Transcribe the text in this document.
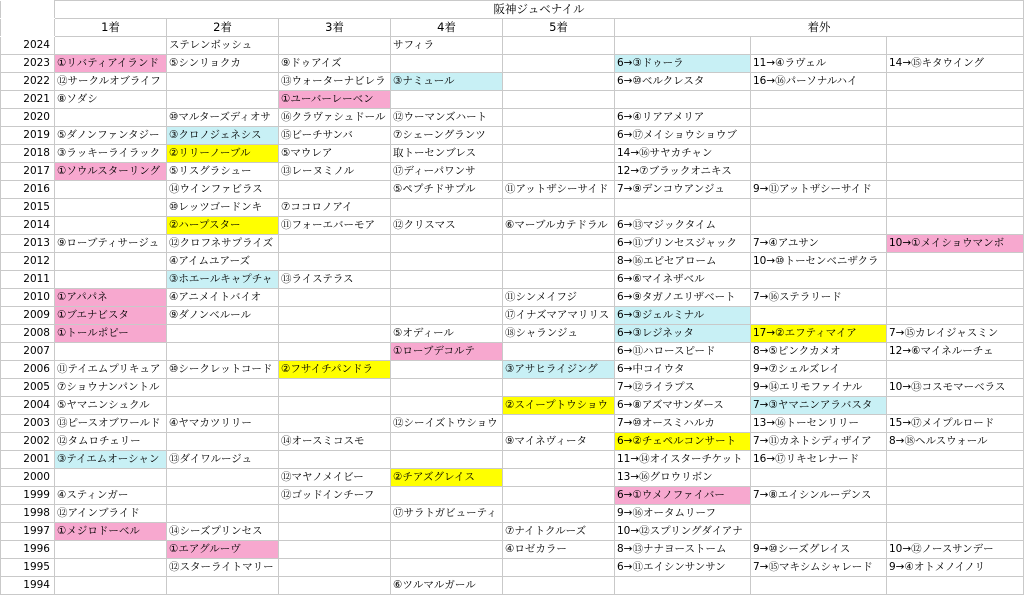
	阪神ジュベナイル							
	1着	2着	3着	4着	5着	着外		
2024		ステレンボッシュ		サフィラ				
2023	①リバティアイランド	⑤シンリョクカ	⑨ドゥアイズ			6→③ドゥーラ	11→④ラヴェル	14→⑮キタウイング
2022	⑫サークルオブライフ		⑬ウォーターナビレラ	③ナミュール		6→⑩ベルクレスタ	16→⑯パーソナルハイ	
2021	⑧ソダシ		①ユーバーレーベン					
2020		⑩マルターズディオサ	⑯クラヴァシュドール	⑫ウーマンズハート		6→④リアアメリア		
2019	⑤ダノンファンタジー	③クロノジェネシス	⑮ビーチサンバ	⑦シェーングランツ		6→⑰メイショウショウブ		
2018	③ラッキーライラック	②リリーノーブル	⑤マウレア	取トーセンブレス		14→⑯サヤカチャン		
2017	①ソウルスターリング	⑤リスグラシュー	⑬レーヌミノル	⑰ディーパワンサ		12→⑦ブラックオニキス		
2016		⑭ウインファビラス		⑤ペプチドサプル	⑪アットザシーサイド	7→⑨デンコウアンジュ	9→⑪アットザシーサイド	
2015		⑩レッツゴードンキ	⑦ココロノアイ					
2014		②ハープスター	⑪フォーエバーモア	⑫クリスマス	⑥マーブルカテドラル	6→⑬マジックタイム		
2013	⑨ローブティサージュ	⑫クロフネサプライズ				6→⑪プリンセスジャック	7→④アユサン	10→①メイショウマンボ
2012		④アイムユアーズ				8→⑯エピセアローム	10→⑩トーセンベニザクラ	
2011		③ホエールキャプチャ	⑬ライステラス			6→⑥マイネザベル		
2010	①アパパネ	④アニメイトバイオ			⑪シンメイフジ	6→⑨タガノエリザベート	7→⑯ステラリード	
2009	①ブエナビスタ	⑨ダノンベルール			⑰イナズマアマリリス	6→③ジェルミナル		
2008	①トールポピー			⑤オディール	⑱シャランジュ	6→③レジネッタ	17→②エフティマイア	7→⑮カレイジャスミン
2007				①ローブデコルテ		6→⑪ハロースピード	8→⑤ピンクカメオ	12→⑥マイネルーチェ
2006	⑪テイエムプリキュア	⑩シークレットコード	②フサイチパンドラ		③アサヒライジング	6→中コイウタ	9→⑦シェルズレイ	
2005	⑦ショウナンパントル					7→⑫ライラプス	9→⑭エリモファイナル	10→⑬コスモマーベラス
2004	⑤ヤマニンシュクル				②スイープトウショウ	6→⑧アズマサンダース	7→③ヤマニンアラバスタ	
2003	⑬ピースオブワールド	④ヤマカツリリー		⑫シーイズトウショウ		7→⑩オースミハルカ	13→⑯トーセンリリー	15→⑰メイプルロード
2002	⑫タムロチェリー		⑭オースミコスモ		⑨マイネヴィータ	6→②チェペルコンサート	7→⑪カネトシディザイア	8→⑱ヘルスウォール
2001	③テイエムオーシャン	⑬ダイワルージュ				11→⑭オイスターチケット	16→⑰リキセレナード	
2000			⑫マヤノメイビー	②チアズグレイス		13→⑯グロウリボン		
1999	④スティンガー		⑫ゴッドインチーフ			6→①ウメノファイバー	7→⑧エイシンルーデンス	
1998	⑫アインブライド			⑰サラトガビューティ		9→⑯オータムリーフ		
1997	①メジロドーベル	⑭シーズプリンセス			⑦ナイトクルーズ	10→⑫スプリングダイアナ		
1996		①エアグルーヴ			④ロゼカラー	8→⑬ナナヨーストーム	9→⑩シーズグレイス	10→⑫ノースサンデー
1995		⑫スターライトマリー				6→⑪エイシンサンサン	7→⑮マキシムシャレード	9→④オトメノイノリ
1994				⑥ツルマルガール				
